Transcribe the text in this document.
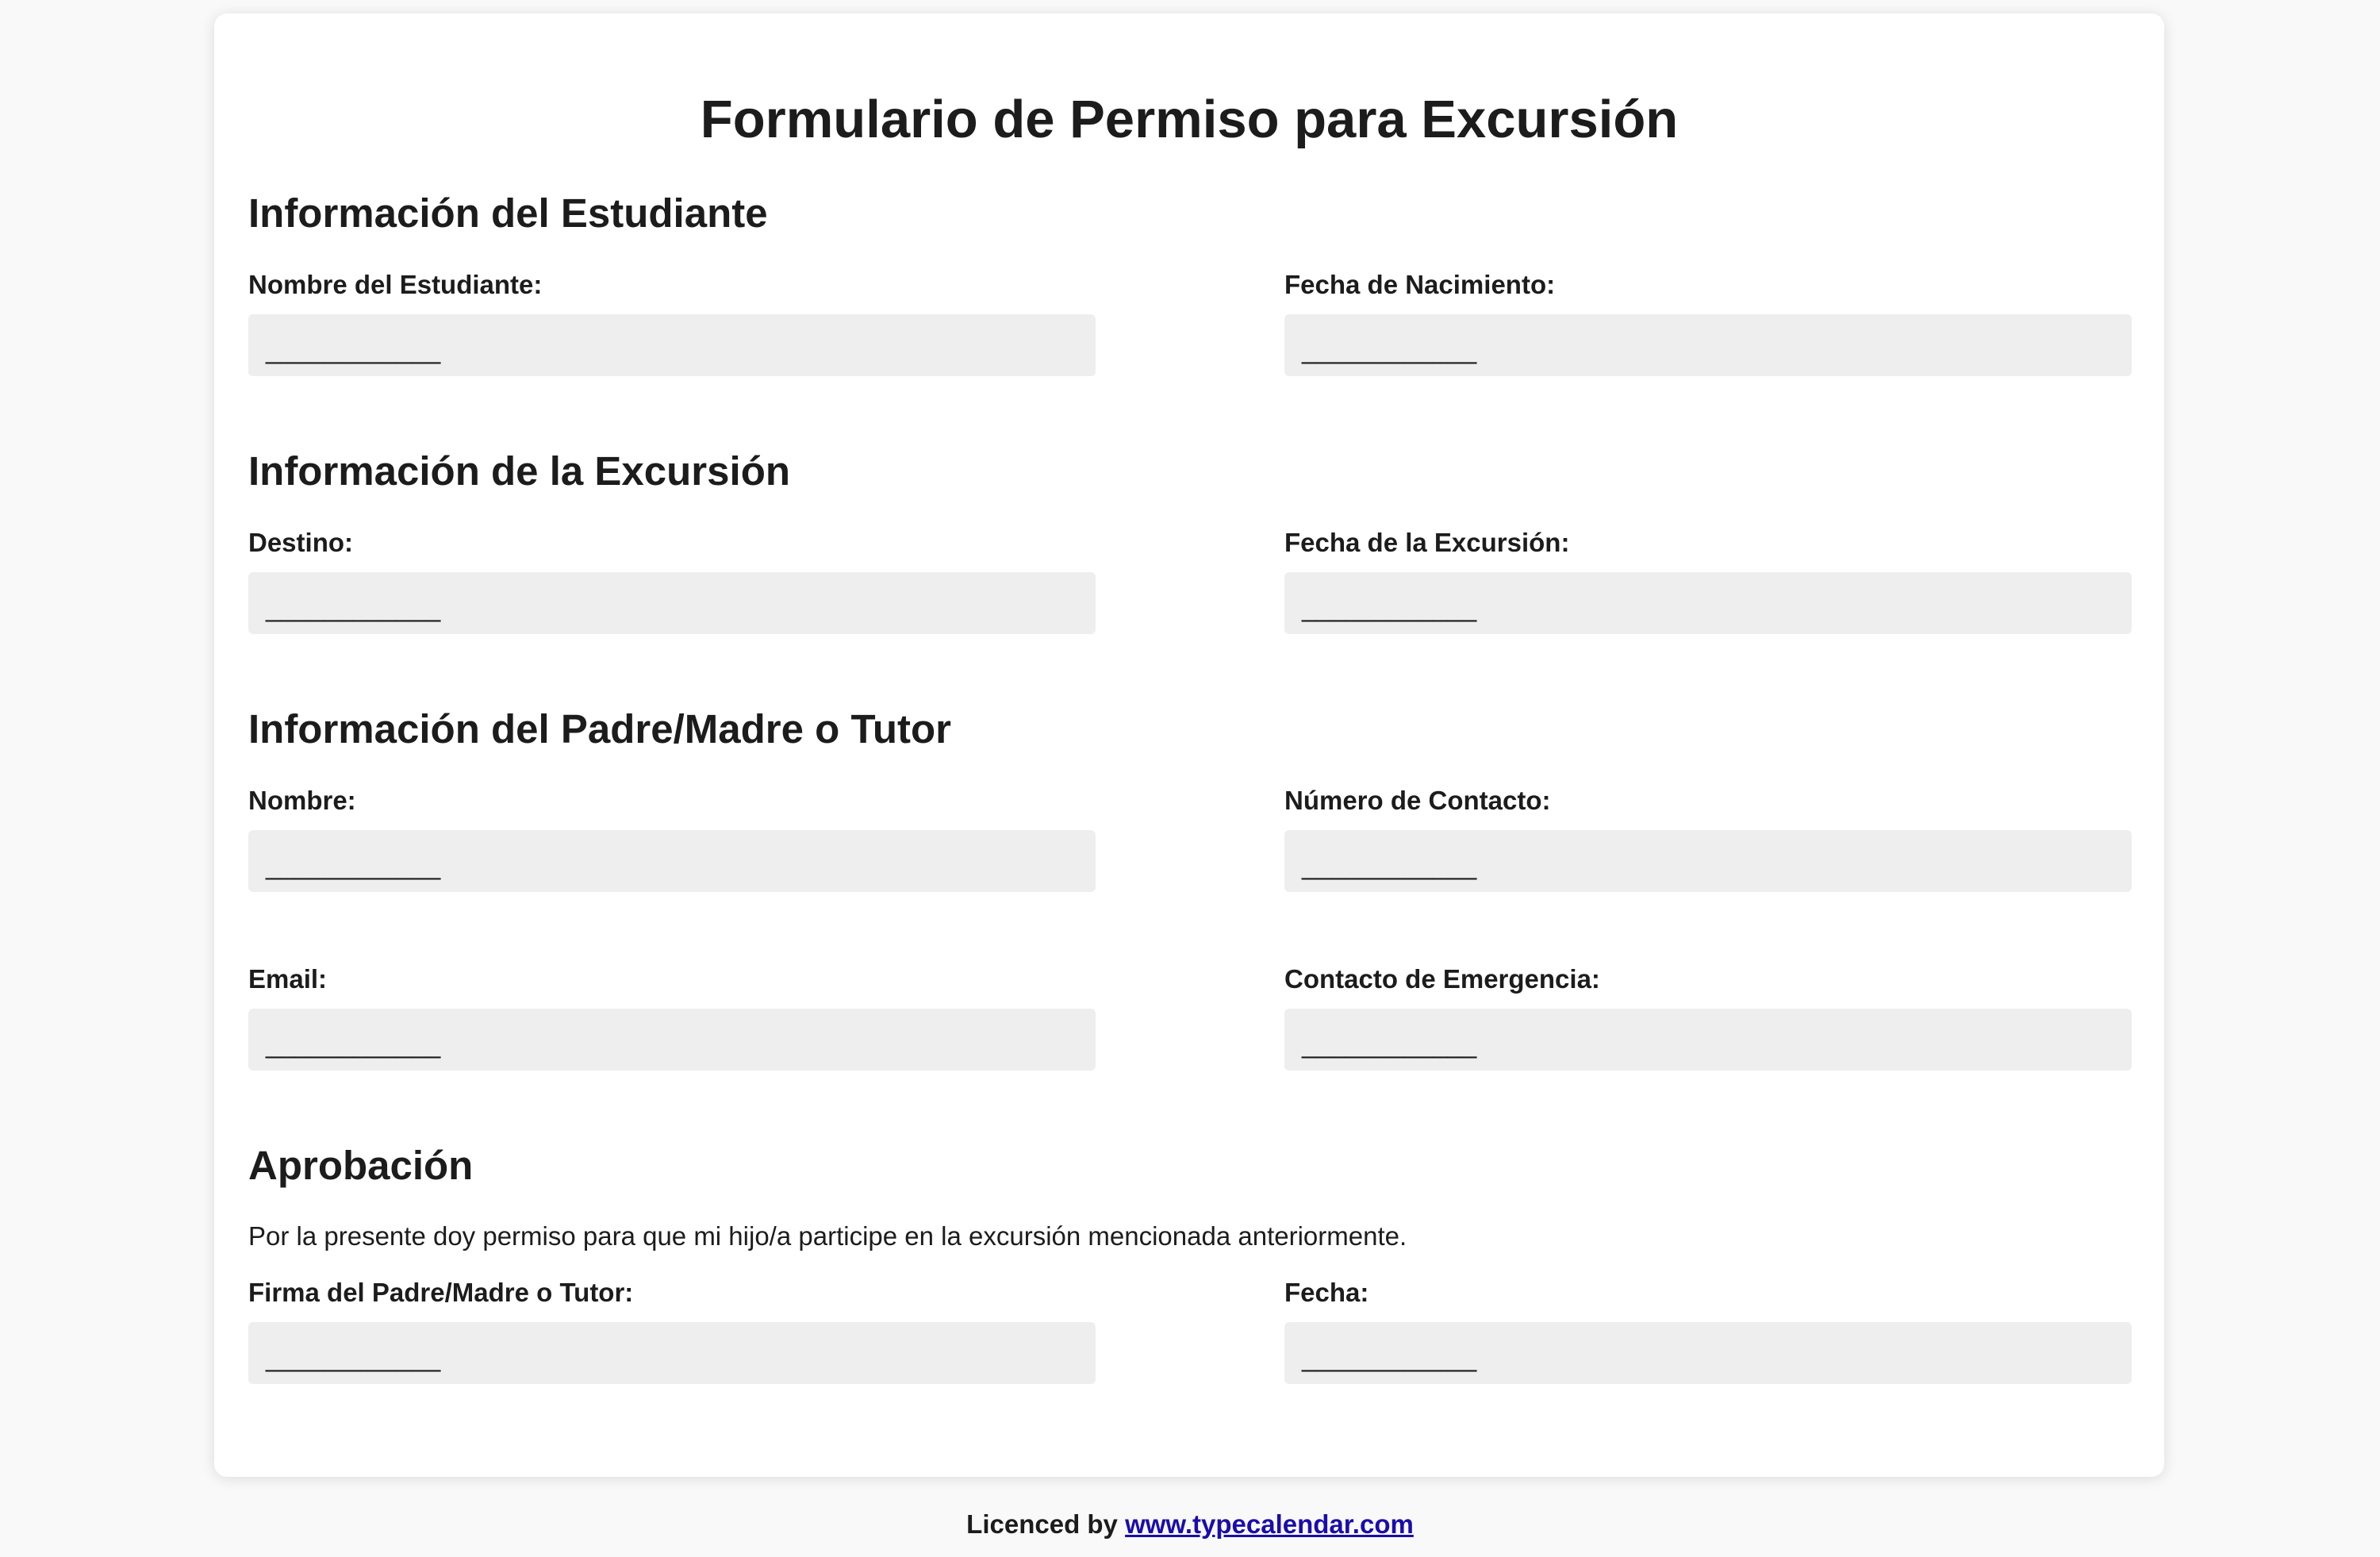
Formulario de Permiso para Excursión
Información del Estudiante
Nombre del Estudiante:	Fecha de Nacimiento:
____________	____________
Información de la Excursión
Destino:	Fecha de la Excursión:
____________	____________
Información del Padre/Madre o Tutor
Nombre:	Número de Contacto:
____________	____________
Email:	Contacto de Emergencia:
____________	____________
Aprobación
Por la presente doy permiso para que mi hijo/a participe en la excursión mencionada anteriormente.
Firma del Padre/Madre o Tutor:	Fecha:
____________	____________
Licenced by www.typecalendar.com
